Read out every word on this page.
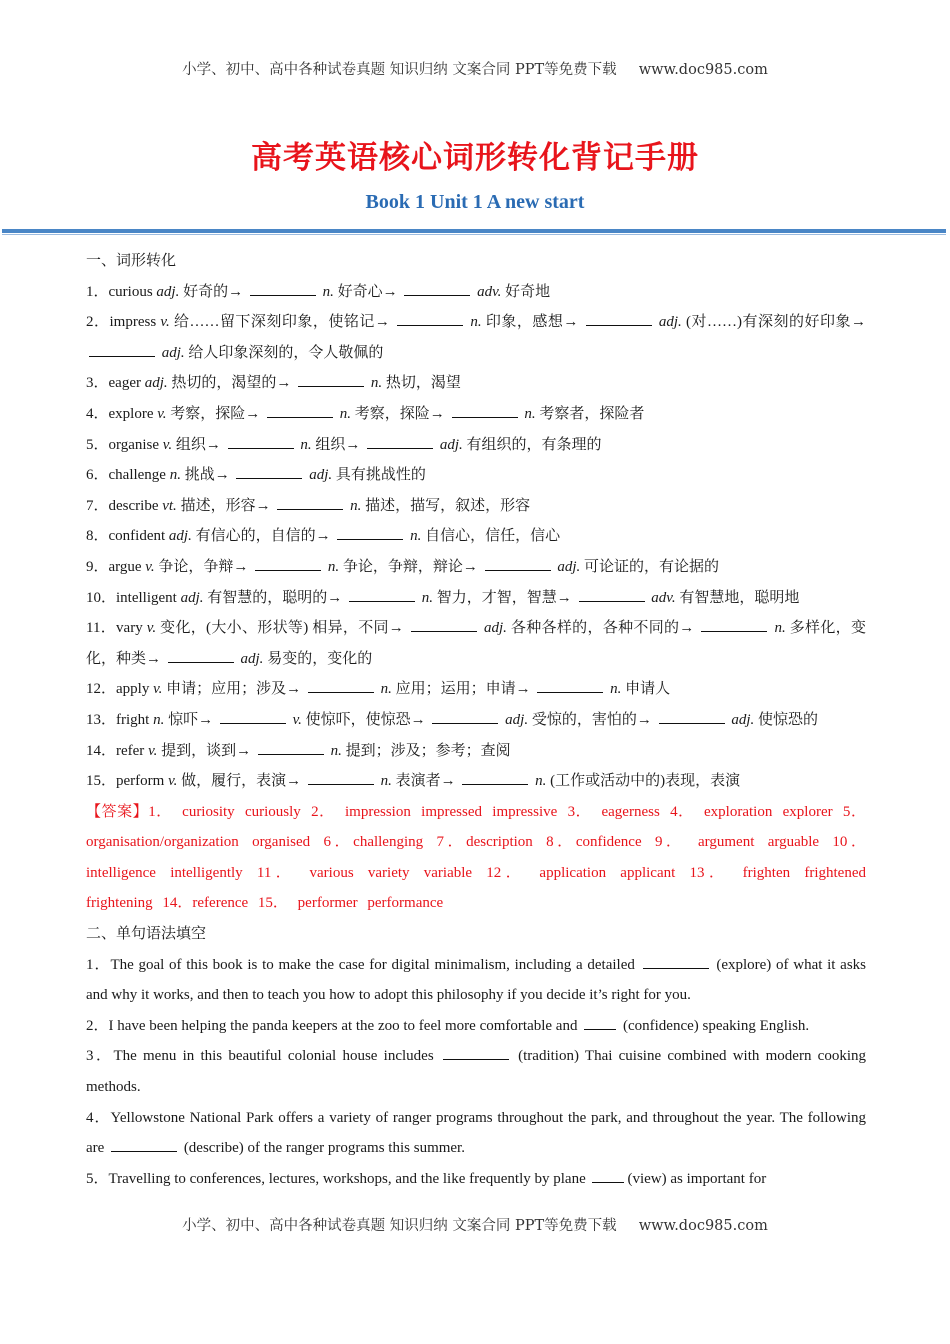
小学、初中、高中各种试卷真题 知识归纳 文案合同 PPT等免费下载 www.doc985.com
高考英语核心词形转化背记手册
Book 1 Unit 1 A new start
一、词形转化
1．curious adj. 好奇的→	n. 好奇心→	adv. 好奇地
2．impress v. 给……留下深刻印象，使铭记→	n. 印象，感想→	adj. (对……)有深刻的好印象→  adj. 给人印象深刻的，令人敬佩的
3．eager adj. 热切的，渴望的→	n. 热切，渴望
4．explore v. 考察，探险→	n. 考察，探险→	n. 考察者，探险者
5．organise v. 组织→	n. 组织→	adj. 有组织的，有条理的
6．challenge n. 挑战→	adj. 具有挑战性的
7．describe vt. 描述，形容→	n. 描述，描写，叙述，形容
8．confident adj. 有信心的，自信的→	n. 自信心，信任，信心
9．argue v. 争论，争辩→	n. 争论，争辩，辩论→	adj. 可论证的，有论据的
10．intelligent adj. 有智慧的，聪明的→	n. 智力，才智，智慧→	adv. 有智慧地，聪明地
11．vary v. 变化，(大小、形状等) 相异，不同→	adj. 各种各样的，各种不同的→	n. 多样化，变化，种类→	adj. 易变的，变化的
12．apply v. 申请；应用；涉及→	n. 应用；运用；申请→	n. 申请人
13．fright n. 惊吓→	v. 使惊吓，使惊恐→	adj. 受惊的，害怕的→	adj. 使惊恐的
14．refer v. 提到，谈到→	n. 提到；涉及；参考；查阅
15．perform v. 做，履行，表演→	n. 表演者→	n. (工作或活动中的)表现，表演
【答案】1． curiosity curiously 2． impression impressed impressive 3． eagerness 4． exploration explorer 5． organisation/organization organised 6．challenging 7．description 8．confidence 9． argument arguable 10． intelligence intelligently 11． various variety variable 12． application applicant 13． frighten frightened frightening 14．reference 15． performer performance
二、单句语法填空
1．The goal of this book is to make the case for digital minimalism, including a detailed	(explore) of what it asks and why it works, and then to teach you how to adopt this philosophy if you decide it’s right for you.
2．I have been helping the panda keepers at the zoo to feel more comfortable and	(confidence) speaking English.
3．The menu in this beautiful colonial house includes	(tradition) Thai cuisine combined with modern cooking methods.
4．Yellowstone National Park offers a variety of ranger programs throughout the park, and throughout the year. The following are	(describe) of the ranger programs this summer.
5．Travelling to conferences, lectures, workshops, and the like frequently by plane	(view) as important for
小学、初中、高中各种试卷真题 知识归纳 文案合同 PPT等免费下载 www.doc985.com
